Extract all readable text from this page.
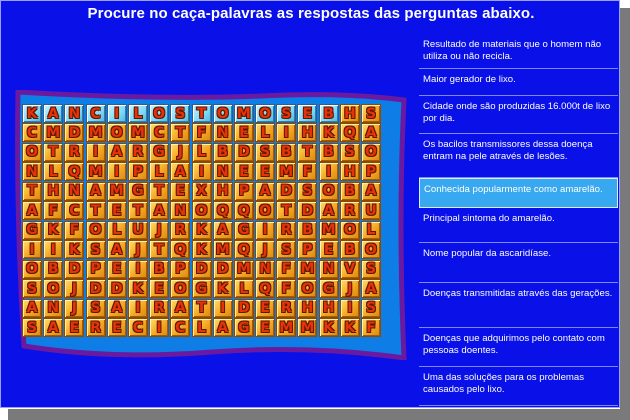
Procure no caça-palavras as respostas das perguntas abaixo.
K A N C I	L O S T O M O S E B H S
C M D M O M C T F N E L	I H K Q A
O T R I A R G J	L B D S B T B S O
N L Q M I P L A I N E E M F I H P
T H N A M G T E X H P A D S O B A
A F C T E T A N O Q Q O T D A R U
G K F O L U J R K A G I R B M O L
I	I K S A J T Q K M Q J S P E B O
O B D P E I B P D D M N F M N V S
S O J D D K E O G K L Q F O G J A
A N J S A I R A T I D E R H H I S
S A E R E C I C L A G E M M K K F
Resultado de materiais que o homem não utiliza ou não recicla.
Maior gerador de lixo.
Cidade onde são produzidas 16.000t de lixo por dia.
Os bacilos transmissores dessa doença entram na pele através de lesões.
Conhecida popularmente como amarelão.
Principal sintoma do amarelão.
Nome popular da ascaridíase.
Doenças transmitidas através das gerações.
Doenças que adquirimos pelo contato com pessoas doentes.
Uma das soluções para os problemas causados pelo lixo.
